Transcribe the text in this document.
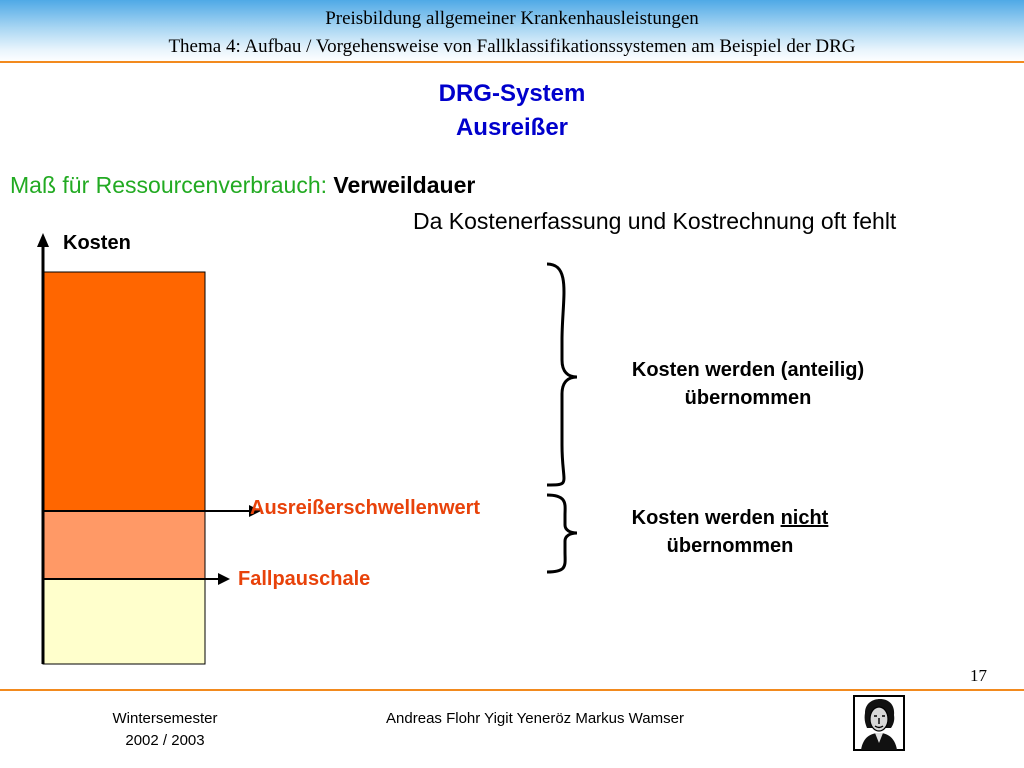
Preisbildung allgemeiner Krankenhausleistungen
Thema 4: Aufbau / Vorgehensweise von Fallklassifikationssystemen am Beispiel der DRG
DRG-System
Ausreißer
Maß für Ressourcenverbrauch: Verweildauer
Da Kostenerfassung und Kostrechnung oft fehlt
Kosten
Ausreißerschwellenwert
Fallpauschale
Kosten werden (anteilig) übernommen
Kosten werden nicht
übernommen
17
Wintersemester
2002 / 2003
Andreas Flohr Yigit Yeneröz Markus Wamser
